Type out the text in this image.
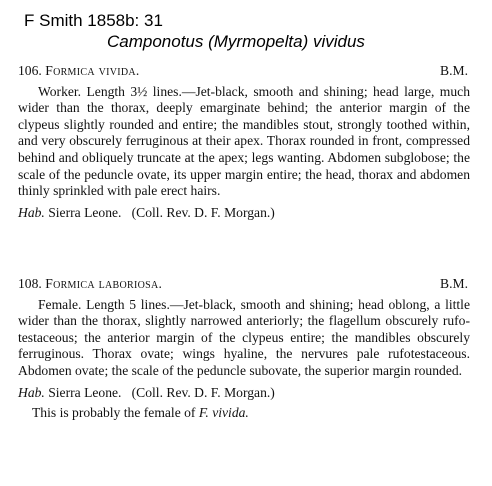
F Smith 1858b: 31
Camponotus (Myrmopelta) vividus
106. Formica vivida.	B.M.

Worker. Length 3½ lines.—Jet-black, smooth and shining; head large, much wider than the thorax, deeply emarginate behind; the anterior margin of the clypeus slightly rounded and entire; the mandibles stout, strongly toothed within, and very obscurely ferruginous at their apex. Thorax rounded in front, compressed behind and obliquely truncate at the apex; legs wanting. Abdomen subglobose; the scale of the peduncle ovate, its upper margin entire; the head, thorax and abdomen thinly sprinkled with pale erect hairs.

Hab. Sierra Leone.   (Coll. Rev. D. F. Morgan.)
108. Formica laboriosa.	B.M.

Female. Length 5 lines.—Jet-black, smooth and shining; head oblong, a little wider than the thorax, slightly narrowed anteriorly; the flagellum obscurely rufo-testaceous; the anterior margin of the clypeus entire; the mandibles obscurely ferruginous. Thorax ovate; wings hyaline, the nervures pale rufotestaceous. Abdomen ovate; the scale of the peduncle subovate, the superior margin rounded.

Hab. Sierra Leone.   (Coll. Rev. D. F. Morgan.)
This is probably the female of F. vivida.
